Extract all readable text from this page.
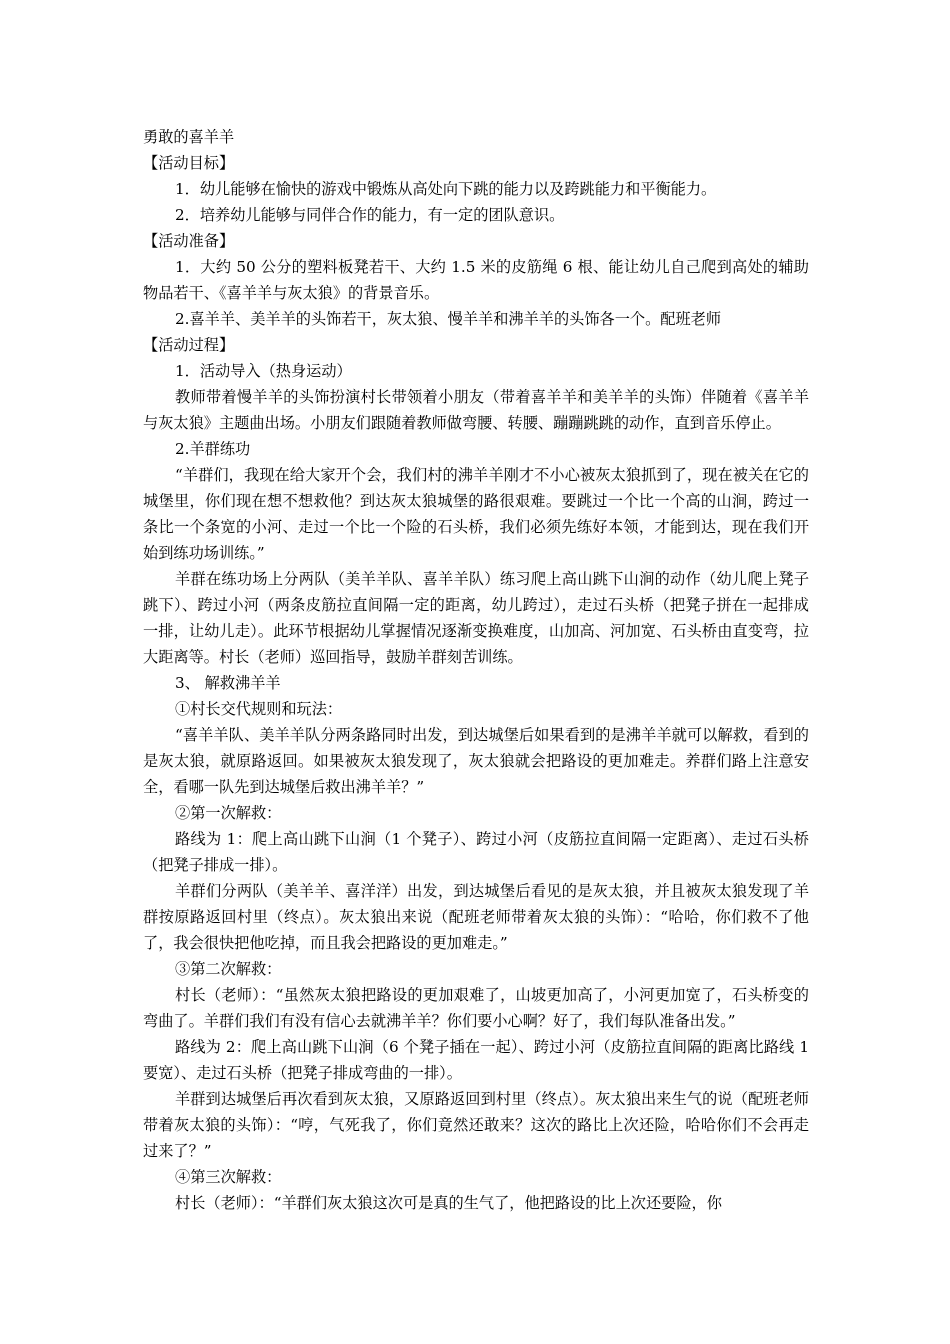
勇敢的喜羊羊

【活动目标】

1．幼儿能够在愉快的游戏中锻炼从高处向下跳的能力以及跨跳能力和平衡能力。

2．培养幼儿能够与同伴合作的能力，有一定的团队意识。

【活动准备】

1．大约 50 公分的塑料板凳若干、大约 1.5 米的皮筋绳 6 根、能让幼儿自己爬到高处的辅助物品若干、《喜羊羊与灰太狼》的背景音乐。

2.喜羊羊、美羊羊的头饰若干，灰太狼、慢羊羊和沸羊羊的头饰各一个。配班老师

【活动过程】

1．活动导入（热身运动）

教师带着慢羊羊的头饰扮演村长带领着小朋友（带着喜羊羊和美羊羊的头饰）伴随着《喜羊羊与灰太狼》主题曲出场。小朋友们跟随着教师做弯腰、转腰、蹦蹦跳跳的动作，直到音乐停止。

2.羊群练功

“羊群们，我现在给大家开个会，我们村的沸羊羊刚才不小心被灰太狼抓到了，现在被关在它的城堡里，你们现在想不想救他？到达灰太狼城堡的路很艰难。要跳过一个比一个高的山涧，跨过一条比一个条宽的小河、走过一个比一个险的石头桥，我们必须先练好本领，才能到达，现在我们开始到练功场训练。”

羊群在练功场上分两队（美羊羊队、喜羊羊队）练习爬上高山跳下山涧的动作（幼儿爬上凳子跳下）、跨过小河（两条皮筋拉直间隔一定的距离，幼儿跨过），走过石头桥（把凳子拼在一起排成一排，让幼儿走）。此环节根据幼儿掌握情况逐渐变换难度，山加高、河加宽、石头桥由直变弯，拉大距离等。村长（老师）巡回指导，鼓励羊群刻苦训练。

3、 解救沸羊羊

①村长交代规则和玩法：

“喜羊羊队、美羊羊队分两条路同时出发，到达城堡后如果看到的是沸羊羊就可以解救，看到的是灰太狼，就原路返回。如果被灰太狼发现了，灰太狼就会把路设的更加难走。养群们路上注意安全，看哪一队先到达城堡后救出沸羊羊？”

②第一次解救：

路线为 1：爬上高山跳下山涧（1 个凳子）、跨过小河（皮筋拉直间隔一定距离）、走过石头桥（把凳子排成一排）。

羊群们分两队（美羊羊、喜洋洋）出发，到达城堡后看见的是灰太狼，并且被灰太狼发现了羊群按原路返回村里（终点）。灰太狼出来说（配班老师带着灰太狼的头饰）：“哈哈，你们救不了他了，我会很快把他吃掉，而且我会把路设的更加难走。”

③第二次解救：

村长（老师）：“虽然灰太狼把路设的更加艰难了，山坡更加高了，小河更加宽了，石头桥变的弯曲了。羊群们我们有没有信心去就沸羊羊？你们要小心啊？好了，我们每队准备出发。”

路线为 2：爬上高山跳下山涧（6 个凳子插在一起）、跨过小河（皮筋拉直间隔的距离比路线 1 要宽）、走过石头桥（把凳子排成弯曲的一排）。

羊群到达城堡后再次看到灰太狼，又原路返回到村里（终点）。灰太狼出来生气的说（配班老师带着灰太狼的头饰）：“哼，气死我了，你们竟然还敢来？这次的路比上次还险，哈哈你们不会再走过来了？”

④第三次解救：

村长（老师）：“羊群们灰太狼这次可是真的生气了，他把路设的比上次还要险，你
